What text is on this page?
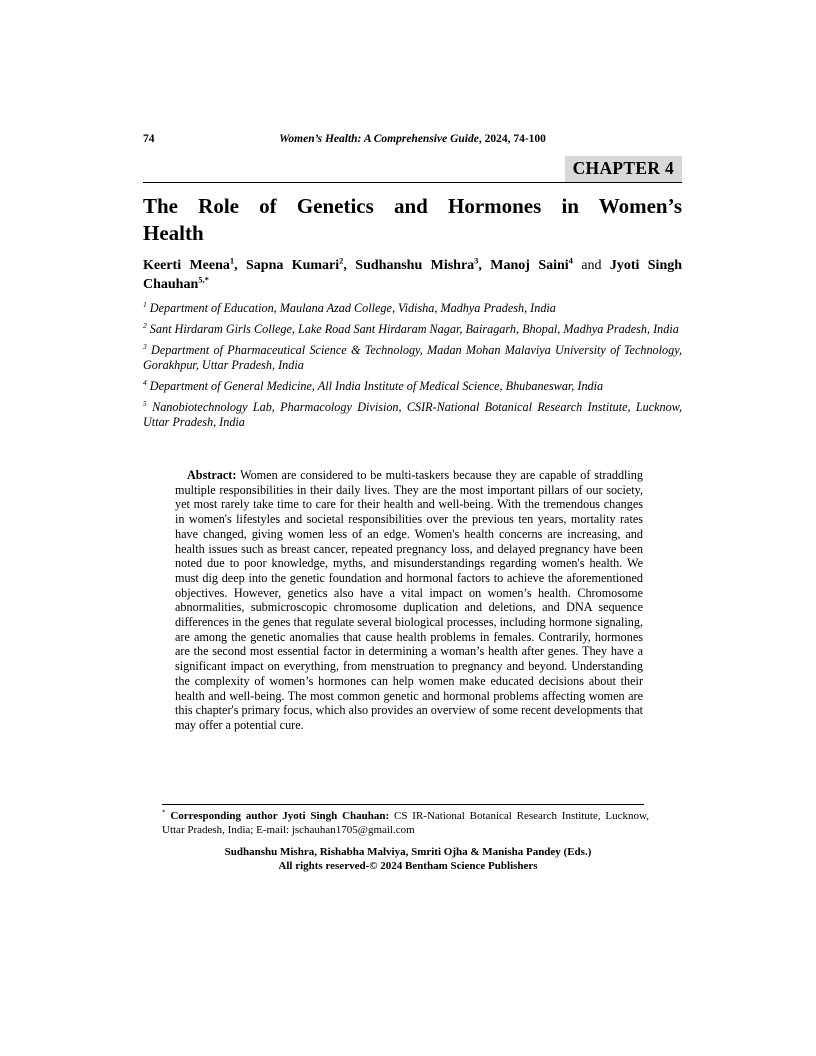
74	Women’s Health: A Comprehensive Guide, 2024, 74-100
CHAPTER 4
The Role of Genetics and Hormones in Women’s Health

Keerti Meena$^1$, Sapna Kumari$^2$, Sudhanshu Mishra$^3$, Manoj Saini$^4$ and Jyoti Singh Chauhan$^{5,*}$

$^1$ Department of Education, Maulana Azad College, Vidisha, Madhya Pradesh, India

$^2$ Sant Hirdaram Girls College, Lake Road Sant Hirdaram Nagar, Bairagarh, Bhopal, Madhya Pradesh, India

$^3$ Department of Pharmaceutical Science & Technology, Madan Mohan Malaviya University of Technology, Gorakhpur, Uttar Pradesh, India

$^4$ Department of General Medicine, All India Institute of Medical Science, Bhubaneswar, India

$^5$ Nanobiotechnology Lab, Pharmacology Division, CSIR-National Botanical Research Institute, Lucknow, Uttar Pradesh, India

Abstract: Women are considered to be multi-taskers because they are capable of straddling multiple responsibilities in their daily lives. They are the most important pillars of our society, yet most rarely take time to care for their health and well-being. With the tremendous changes in women's lifestyles and societal responsibilities over the previous ten years, mortality rates have changed, giving women less of an edge. Women's health concerns are increasing, and health issues such as breast cancer, repeated pregnancy loss, and delayed pregnancy have been noted due to poor knowledge, myths, and misunderstandings regarding women's health. We must dig deep into the genetic foundation and hormonal factors to achieve the aforementioned objectives. However, genetics also have a vital impact on women’s health. Chromosome abnormalities, submicroscopic chromosome duplication and deletions, and DNA sequence differences in the genes that regulate several biological processes, including hormone signaling, are among the genetic anomalies that cause health problems in females. Contrarily, hormones are the second most essential factor in determining a woman’s health after genes. They have a significant impact on everything, from menstruation to pregnancy and beyond. Understanding the complexity of women’s hormones can help women make educated decisions about their health and well-being. The most common genetic and hormonal problems affecting women are this chapter's primary focus, which also provides an overview of some recent developments that may offer a potential cure.

* Corresponding author Jyoti Singh Chauhan: CS IR-National Botanical Research Institute, Lucknow, Uttar Pradesh, India; E-mail: jschauhan1705@gmail.com

Sudhanshu Mishra, Rishabha Malviya, Smriti Ojha & Manisha Pandey (Eds.)
All rights reserved-© 2024 Bentham Science Publishers
